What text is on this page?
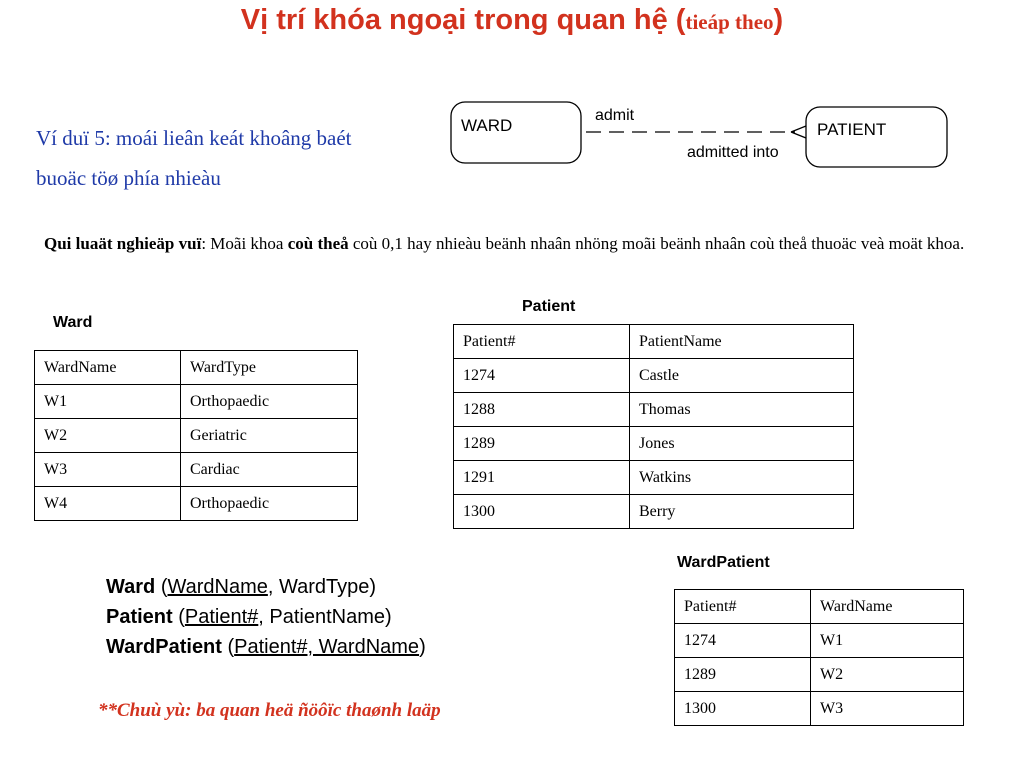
Vị trí khóa ngoại trong quan hệ (tieáp theo)
Ví duï 5: moái lieân keát khoâng baét
buoäc töø phía nhieàu
WARD	PATIENT
admit
admitted into
Qui luaät nghieäp vuï: Moãi khoa coù theå coù 0,1 hay nhieàu beänh nhaân nhöng moãi beänh nhaân coù theå thuoäc veà moät khoa.
Ward
WardName	WardType
W1	Orthopaedic
W2	Geriatric
W3	Cardiac
W4	Orthopaedic
Patient
Patient#	PatientName
1274	Castle
1288	Thomas
1289	Jones
1291	Watkins
1300	Berry
WardPatient
Patient#	WardName
1274	W1
1289	W2
1300	W3
Ward (WardName, WardType)
Patient (Patient#, PatientName)
WardPatient (Patient#, WardName)
**Chuù yù: ba quan heä ñöôïc thaønh laäp
